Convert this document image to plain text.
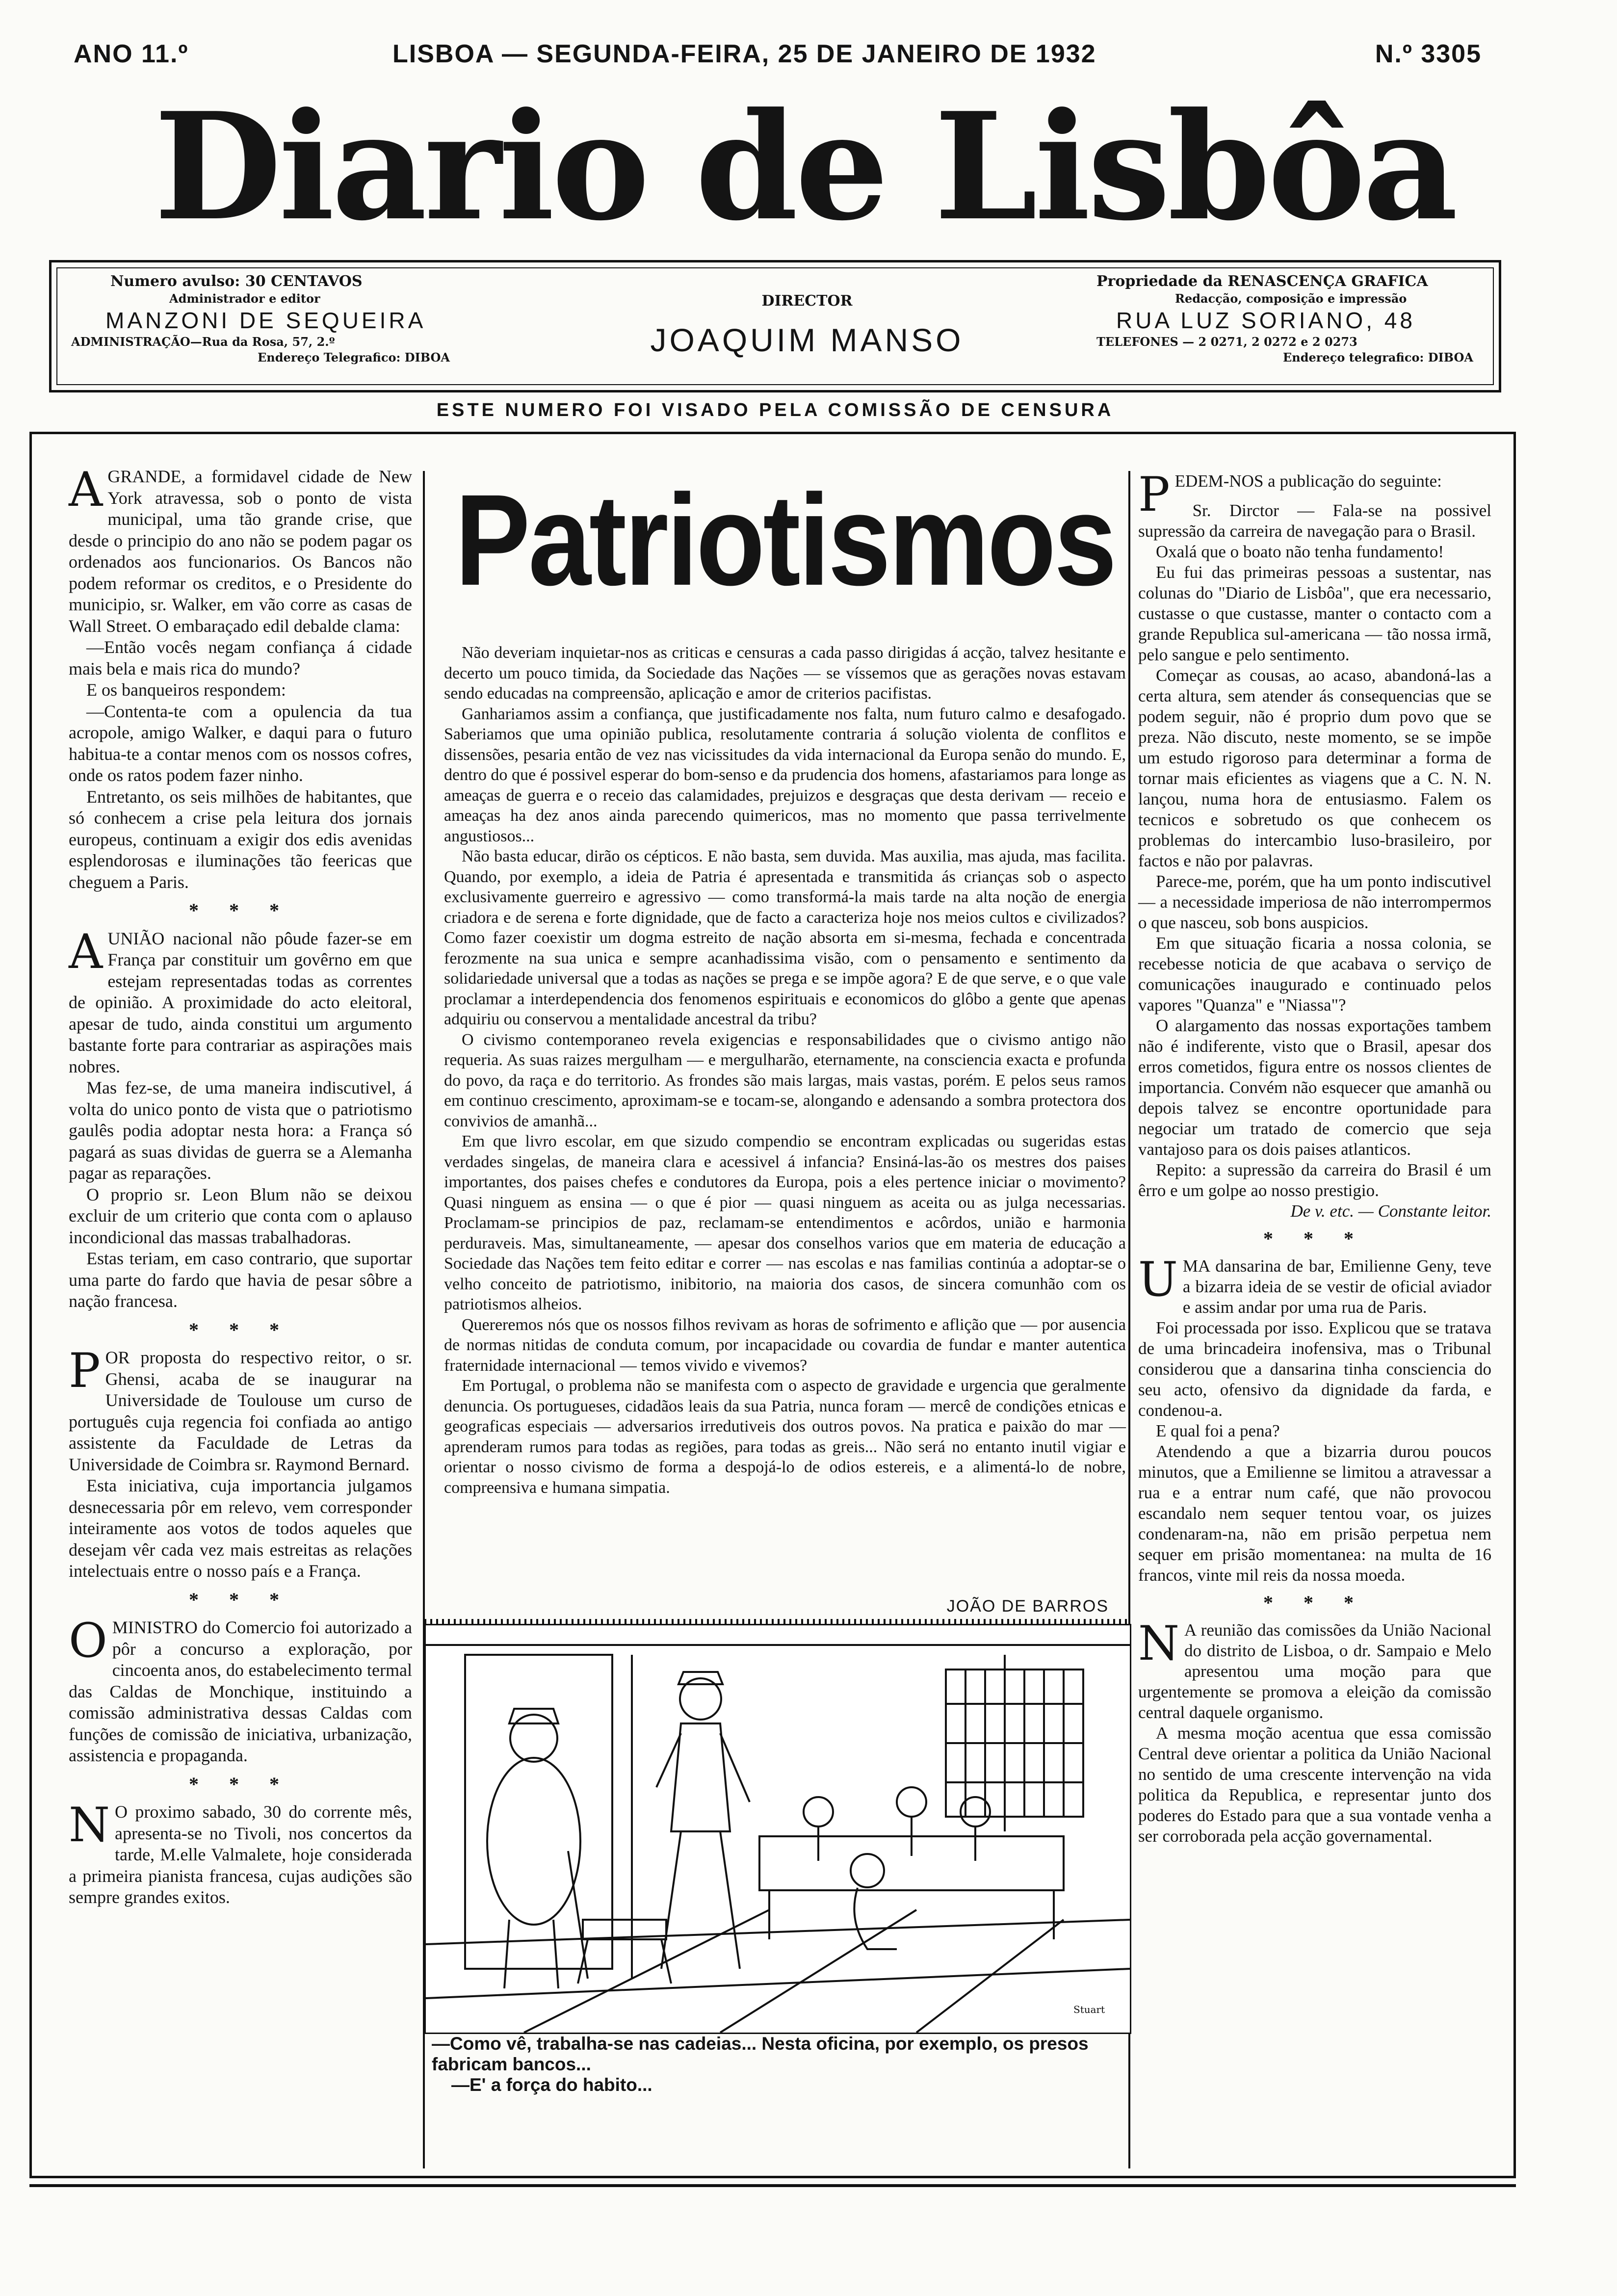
ANO 11.º	LISBOA — SEGUNDA-FEIRA, 25 DE JANEIRO DE 1932	N.º 3305
Diario de Lisbôa
Numero avulso: 30 CENTAVOS
Administrador e editor
MANZONI DE SEQUEIRA
ADMINISTRAÇÃO—Rua da Rosa, 57, 2.º
Endereço Telegrafico: DIBOA
DIRECTOR
JOAQUIM MANSO
Propriedade da RENASCENÇA GRAFICA
Redacção, composição e impressão
RUA LUZ SORIANO, 48
TELEFONES — 2 0271, 2 0272 e 2 0273
Endereço telegrafico: DIBOA
ESTE NUMERO FOI VISADO PELA COMISSÃO DE CENSURA

AGRANDE, a formidavel cidade de New York atravessa, sob o ponto de vista municipal, uma tão grande crise, que desde o principio do ano não se podem pagar os ordenados aos funcionarios. Os Bancos não podem reformar os creditos, e o Presidente do municipio, sr. Walker, em vão corre as casas de Wall Street. O embaraçado edil debalde clama:

—Então vocês negam confiança á cidade mais bela e mais rica do mundo?

E os banqueiros respondem:

—Contenta-te com a opulencia da tua acropole, amigo Walker, e daqui para o futuro habitua-te a contar menos com os nossos cofres, onde os ratos podem fazer ninho.

Entretanto, os seis milhões de habitantes, que só conhecem a crise pela leitura dos jornais europeus, continuam a exigir dos edis avenidas esplendorosas e iluminações tão feericas que cheguem a Paris.

* * *

AUNIÃO nacional não pôude fazer-se em França par constituir um govêrno em que estejam representadas todas as correntes de opinião. A proximidade do acto eleitoral, apesar de tudo, ainda constitui um argumento bastante forte para contrariar as aspirações mais nobres.

Mas fez-se, de uma maneira indiscutivel, á volta do unico ponto de vista que o patriotismo gaulês podia adoptar nesta hora: a França só pagará as suas dividas de guerra se a Alemanha pagar as reparações.

O proprio sr. Leon Blum não se deixou excluir de um criterio que conta com o aplauso incondicional das massas trabalhadoras.

Estas teriam, em caso contrario, que suportar uma parte do fardo que havia de pesar sôbre a nação francesa.

* * *

POR proposta do respectivo reitor, o sr. Ghensi, acaba de se inaugurar na Universidade de Toulouse um curso de português cuja regencia foi confiada ao antigo assistente da Faculdade de Letras da Universidade de Coimbra sr. Raymond Bernard.

Esta iniciativa, cuja importancia julgamos desnecessaria pôr em relevo, vem corresponder inteiramente aos votos de todos aqueles que desejam vêr cada vez mais estreitas as relações intelectuais entre o nosso país e a França.

* * *

OMINISTRO do Comercio foi autorizado a pôr a concurso a exploração, por cincoenta anos, do estabelecimento termal das Caldas de Monchique, instituindo a comissão administrativa dessas Caldas com funções de comissão de iniciativa, urbanização, assistencia e propaganda.

* * *

N O proximo sabado, 30 do corrente mês, apresenta-se no Tivoli, nos concertos da tarde, M.elle Valmalete, hoje considerada a primeira pianista francesa, cujas audições são sempre grandes exitos.

Patriotismos

Não deveriam inquietar-nos as criticas e censuras a cada passo dirigidas á acção, talvez hesitante e decerto um pouco timida, da Sociedade das Nações — se víssemos que as gerações novas estavam sendo educadas na compreensão, aplicação e amor de criterios pacifistas.

Ganhariamos assim a confiança, que justificadamente nos falta, num futuro calmo e desafogado. Saberiamos que uma opinião publica, resolutamente contraria á solução violenta de conflitos e dissensões, pesaria então de vez nas vicissitudes da vida internacional da Europa senão do mundo. E, dentro do que é possivel esperar do bom-senso e da prudencia dos homens, afastariamos para longe as ameaças de guerra e o receio das calamidades, prejuizos e desgraças que desta derivam — receio e ameaças ha dez anos ainda parecendo quimericos, mas no momento que passa terrivelmente angustiosos...

Não basta educar, dirão os cépticos. E não basta, sem duvida. Mas auxilia, mas ajuda, mas facilita. Quando, por exemplo, a ideia de Patria é apresentada e transmitida ás crianças sob o aspecto exclusivamente guerreiro e agressivo — como transformá-la mais tarde na alta noção de energia criadora e de serena e forte dignidade, que de facto a caracteriza hoje nos meios cultos e civilizados? Como fazer coexistir um dogma estreito de nação absorta em si-mesma, fechada e concentrada ferozmente na sua unica e sempre acanhadissima visão, com o pensamento e sentimento da solidariedade universal que a todas as nações se prega e se impõe agora? E de que serve, e o que vale proclamar a interdependencia dos fenomenos espirituais e economicos do glôbo a gente que apenas adquiriu ou conservou a mentalidade ancestral da tribu?

O civismo contemporaneo revela exigencias e responsabilidades que o civismo antigo não requeria. As suas raizes mergulham — e mergulharão, eternamente, na consciencia exacta e profunda do povo, da raça e do territorio. As frondes são mais largas, mais vastas, porém. E pelos seus ramos em continuo crescimento, aproximam-se e tocam-se, alongando e adensando a sombra protectora dos convivios de amanhã...

Em que livro escolar, em que sizudo compendio se encontram explicadas ou sugeridas estas verdades singelas, de maneira clara e acessivel á infancia? Ensiná-las-ão os mestres dos paises importantes, dos paises chefes e condutores da Europa, pois a eles pertence iniciar o movimento? Quasi ninguem as ensina — o que é pior — quasi ninguem as aceita ou as julga necessarias. Proclamam-se principios de paz, reclamam-se entendimentos e acôrdos, união e harmonia perduraveis. Mas, simultaneamente, — apesar dos conselhos varios que em materia de educação a Sociedade das Nações tem feito editar e correr — nas escolas e nas familias continúa a adoptar-se o velho conceito de patriotismo, inibitorio, na maioria dos casos, de sincera comunhão com os patriotismos alheios.

Quereremos nós que os nossos filhos revivam as horas de sofrimento e aflição que — por ausencia de normas nitidas de conduta comum, por incapacidade ou covardia de fundar e manter autentica fraternidade internacional — temos vivido e vivemos?

Em Portugal, o problema não se manifesta com o aspecto de gravidade e urgencia que geralmente denuncia. Os portugueses, cidadãos leais da sua Patria, nunca foram — mercê de condições etnicas e geograficas especiais — adversarios irredutiveis dos outros povos. Na pratica e paixão do mar — aprenderam rumos para todas as regiões, para todas as greis... Não será no entanto inutil vigiar e orientar o nosso civismo de forma a despojá-lo de odios estereis, e a alimentá-lo de nobre, compreensiva e humana simpatia.

JOÃO DE BARROS
Stuart
—Como vê, trabalha-se nas cadeias... Nesta oficina, por exemplo, os presos fabricam bancos...
—E' a força do habito...

PEDEM-NOS a publicação do seguinte:

Sr. Dirctor — Fala-se na possivel supressão da carreira de navegação para o Brasil.

Oxalá que o boato não tenha fundamento!

Eu fui das primeiras pessoas a sustentar, nas colunas do "Diario de Lisbôa", que era necessario, custasse o que custasse, manter o contacto com a grande Republica sul-americana — tão nossa irmã, pelo sangue e pelo sentimento.

Começar as cousas, ao acaso, abandoná-las a certa altura, sem atender ás consequencias que se podem seguir, não é proprio dum povo que se preza. Não discuto, neste momento, se se impõe um estudo rigoroso para determinar a forma de tornar mais eficientes as viagens que a C. N. N. lançou, numa hora de entusiasmo. Falem os tecnicos e sobretudo os que conhecem os problemas do intercambio luso-brasileiro, por factos e não por palavras.

Parece-me, porém, que ha um ponto indiscutivel — a necessidade imperiosa de não interrompermos o que nasceu, sob bons auspicios.

Em que situação ficaria a nossa colonia, se recebesse noticia de que acabava o serviço de comunicações inaugurado e continuado pelos vapores "Quanza" e "Niassa"?

O alargamento das nossas exportações tambem não é indiferente, visto que o Brasil, apesar dos erros cometidos, figura entre os nossos clientes de importancia. Convém não esquecer que amanhã ou depois talvez se encontre oportunidade para negociar um tratado de comercio que seja vantajoso para os dois paises atlanticos.

Repito: a supressão da carreira do Brasil é um êrro e um golpe ao nosso prestigio.

De v. etc. — Constante leitor.

* * *

UMA dansarina de bar, Emilienne Geny, teve a bizarra ideia de se vestir de oficial aviador e assim andar por uma rua de Paris.

Foi processada por isso. Explicou que se tratava de uma brincadeira inofensiva, mas o Tribunal considerou que a dansarina tinha consciencia do seu acto, ofensivo da dignidade da farda, e condenou-a.

E qual foi a pena?

Atendendo a que a bizarria durou poucos minutos, que a Emilienne se limitou a atravessar a rua e a entrar num café, que não provocou escandalo nem sequer tentou voar, os juizes condenaram-na, não em prisão perpetua nem sequer em prisão momentanea: na multa de 16 francos, vinte mil reis da nossa moeda.

* * *

N A reunião das comissões da União Nacional do distrito de Lisboa, o dr. Sampaio e Melo apresentou uma moção para que urgentemente se promova a eleição da comissão central daquele organismo.

A mesma moção acentua que essa comissão Central deve orientar a politica da União Nacional no sentido de uma crescente intervenção na vida politica da Republica, e representar junto dos poderes do Estado para que a sua vontade venha a ser corroborada pela acção governamental.
